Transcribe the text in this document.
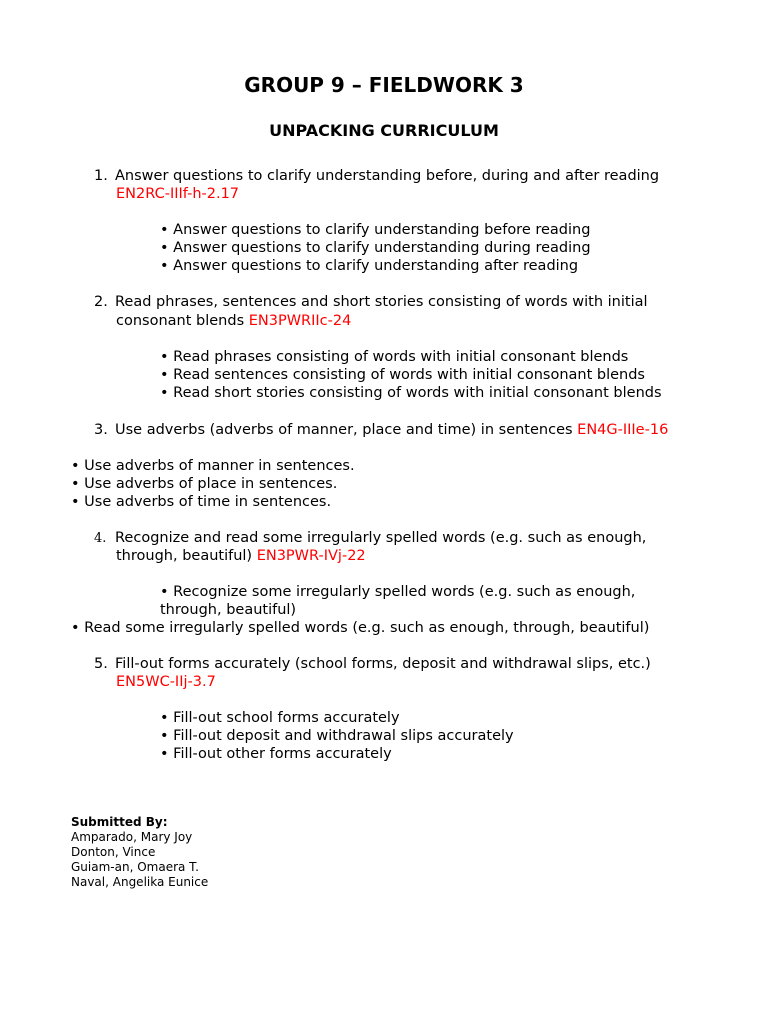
GROUP 9 – FIELDWORK 3
UNPACKING CURRICULUM
1. Answer questions to clarify understanding before, during and after reading
EN2RC-IIIf-h-2.17
• Answer questions to clarify understanding before reading
• Answer questions to clarify understanding during reading
• Answer questions to clarify understanding after reading
2. Read phrases, sentences and short stories consisting of words with initial
consonant blends EN3PWRIIc-24
• Read phrases consisting of words with initial consonant blends
• Read sentences consisting of words with initial consonant blends
• Read short stories consisting of words with initial consonant blends
3. Use adverbs (adverbs of manner, place and time) in sentences EN4G-IIIe-16
• Use adverbs of manner in sentences.
• Use adverbs of place in sentences.
• Use adverbs of time in sentences.
4. Recognize and read some irregularly spelled words (e.g. such as enough,
through, beautiful) EN3PWR-IVj-22
• Recognize some irregularly spelled words (e.g. such as enough,
through, beautiful)
• Read some irregularly spelled words (e.g. such as enough, through, beautiful)
5. Fill-out forms accurately (school forms, deposit and withdrawal slips, etc.)
EN5WC-IIj-3.7
• Fill-out school forms accurately
• Fill-out deposit and withdrawal slips accurately
• Fill-out other forms accurately
Submitted By:
Amparado, Mary Joy
Donton, Vince
Guiam-an, Omaera T.
Naval, Angelika Eunice
